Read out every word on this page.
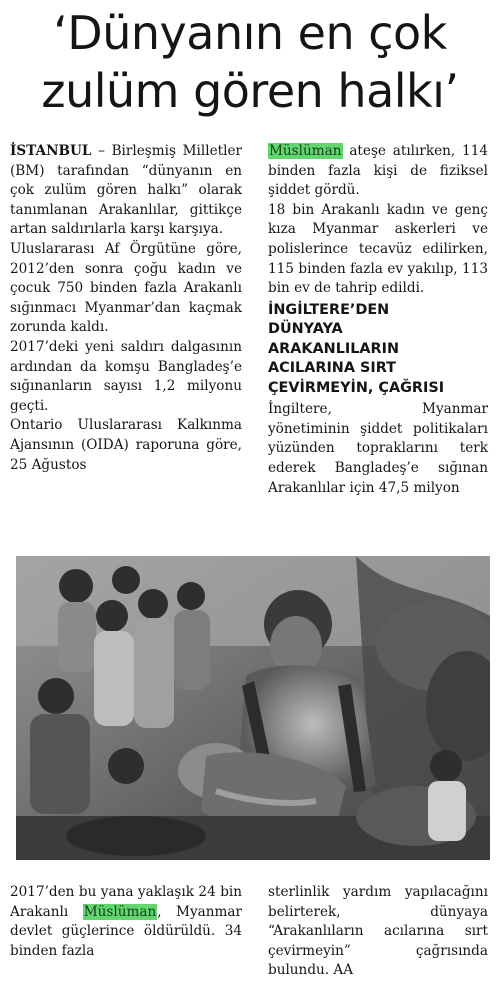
‘Dünyanın en çok
zulüm gören halkı’

İSTANBUL – Birleşmiş Milletler (BM) tarafından “dünyanın en çok zulüm gören halkı” olarak tanımlanan Arakanlılar, gittikçe artan saldırılarla karşı karşıya.

Uluslararası Af Örgütüne göre, 2012’den sonra çoğu kadın ve çocuk 750 binden fazla Arakanlı sığınmacı Myanmar’dan kaçmak zorunda kaldı.

2017’deki yeni saldırı dalgasının ardından da komşu Bangladeş’e sığınanların sayısı 1,2 milyonu geçti.

Ontario Uluslararası Kalkınma Ajansının (OIDA) raporuna göre, 25 Ağustos

Müslüman ateşe atılırken, 114 binden fazla kişi de fiziksel şiddet gördü.

18 bin Arakanlı kadın ve genç kıza Myanmar askerleri ve polislerince tecavüz edilirken, 115 binden fazla ev yakılıp, 113 bin ev de tahrip edildi.

İNGİLTERE’DEN
DÜNYAYA
ARAKANLILARIN
ACILARINA SIRT
ÇEVİRMEYİN, ÇAĞRISI

İngiltere, Myanmar yönetiminin şiddet politikaları yüzünden topraklarını terk ederek Bangladeş’e sığınan Arakanlılar için 47,5 milyon

2017’den bu yana yaklaşık 24 bin Arakanlı Müslüman, Myanmar devlet güçlerince öldürüldü. 34 binden fazla

sterlinlik yardım yapılacağını belirterek, dünyaya “Arakanlıların acılarına sırt çevirmeyin” çağrısında bulundu. AA
